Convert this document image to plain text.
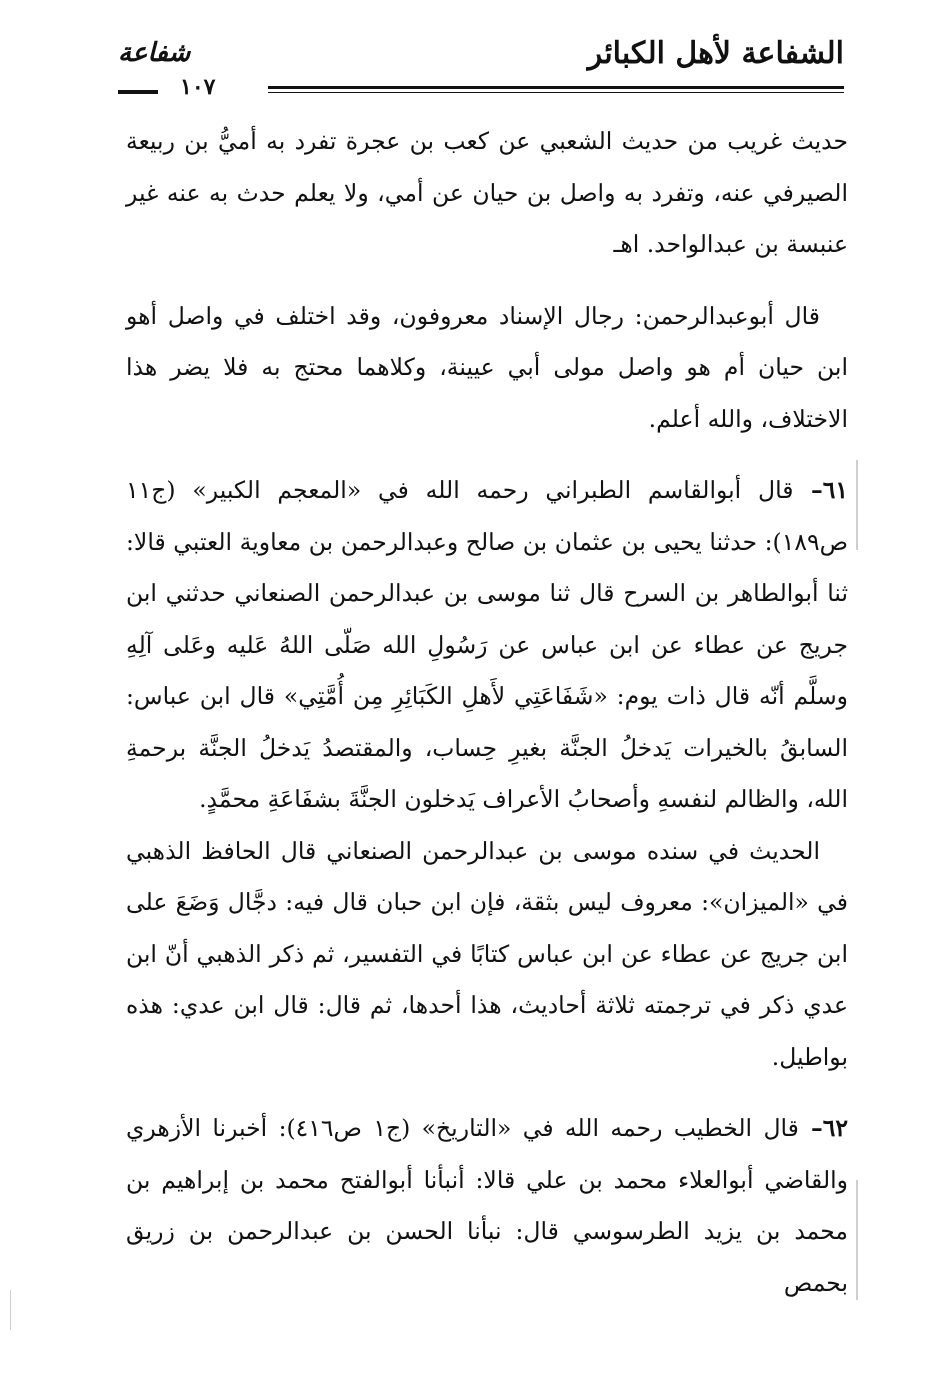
الشفاعة لأهل الكبائر
شفاعة
١٠٧

حديث غريب من حديث الشعبي عن كعب بن عجرة تفرد به أميُّ بن ربيعة الصيرفي عنه، وتفرد به واصل بن حيان عن أمي، ولا يعلم حدث به عنه غير عنبسة بن عبدالواحد. اهـ

قال أبوعبدالرحمن: رجال الإسناد معروفون، وقد اختلف في واصل أهو ابن حيان أم هو واصل مولى أبي عيينة، وكلاهما محتج به فلا يضر هذا الاختلاف، والله أعلم.

٦١– قال أبوالقاسم الطبراني رحمه الله في «المعجم الكبير» (ج١١ ص١٨٩): حدثنا يحيى بن عثمان بن صالح وعبدالرحمن بن معاوية العتبي قالا: ثنا أبوالطاهر بن السرح قال ثنا موسى بن عبدالرحمن الصنعاني حدثني ابن جريج عن عطاء عن ابن عباس عن رَسُولِ الله صَلّى اللهُ عَليه وعَلى آلِهِ وسلَّم أنّه قال ذات يوم: «شَفَاعَتِي لأَهلِ الكَبَائِرِ مِن أُمَّتِي» قال ابن عباس: السابقُ بالخيرات يَدخلُ الجنَّة بغيرِ حِساب، والمقتصدُ يَدخلُ الجنَّة برحمةِ الله، والظالم لنفسهِ وأصحابُ الأعراف يَدخلون الجنَّةَ بشفَاعَةِ محمَّدٍ.

الحديث في سنده موسى بن عبدالرحمن الصنعاني قال الحافظ الذهبي في «الميزان»: معروف ليس بثقة، فإن ابن حبان قال فيه: دجَّال وَضَعَ على ابن جريج عن عطاء عن ابن عباس كتابًا في التفسير، ثم ذكر الذهبي أنّ ابن عدي ذكر في ترجمته ثلاثة أحاديث، هذا أحدها، ثم قال: قال ابن عدي: هذه بواطيل.

٦٢– قال الخطيب رحمه الله في «التاريخ» (ج١ ص٤١٦): أخبرنا الأزهري والقاضي أبوالعلاء محمد بن علي قالا: أنبأنا أبوالفتح محمد بن إبراهيم بن محمد بن يزيد الطرسوسي قال: نبأنا الحسن بن عبدالرحمن بن زريق بحمص
